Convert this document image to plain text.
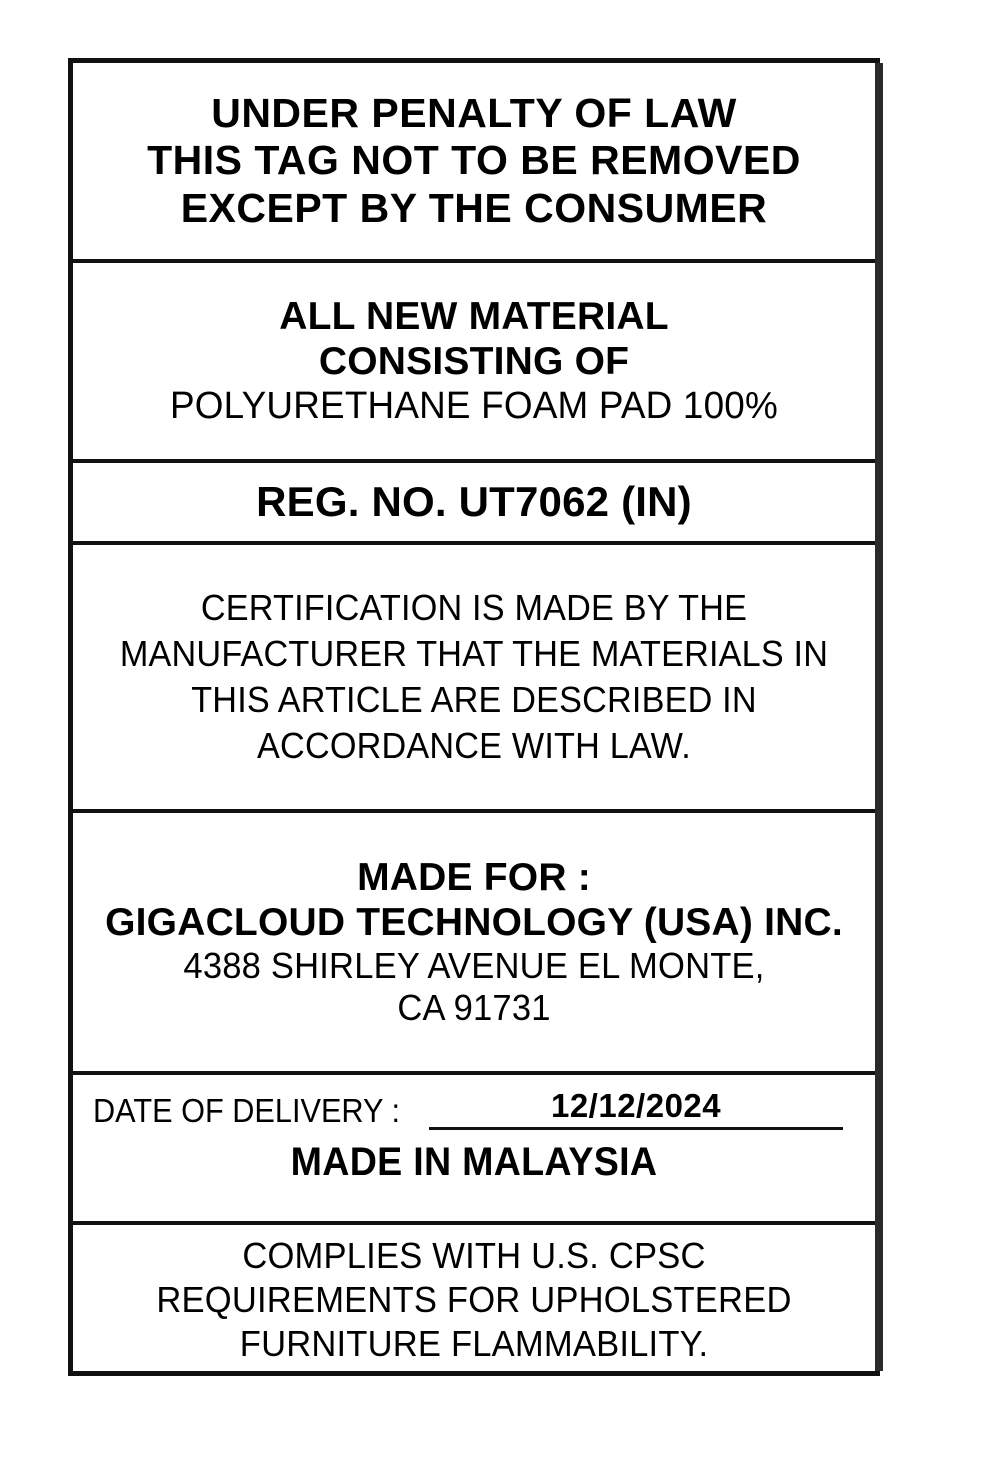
UNDER PENALTY OF LAW
THIS TAG NOT TO BE REMOVED
EXCEPT BY THE CONSUMER
ALL NEW MATERIAL
CONSISTING OF
POLYURETHANE FOAM PAD 100%
REG. NO. UT7062 (IN)
CERTIFICATION IS MADE BY THE
MANUFACTURER THAT THE MATERIALS IN
THIS ARTICLE ARE DESCRIBED IN
ACCORDANCE WITH LAW.
MADE FOR :
GIGACLOUD TECHNOLOGY (USA) INC.
4388 SHIRLEY AVENUE EL MONTE,
CA 91731
DATE OF DELIVERY :	12/12/2024
MADE IN MALAYSIA
COMPLIES WITH U.S. CPSC
REQUIREMENTS FOR UPHOLSTERED
FURNITURE FLAMMABILITY.
